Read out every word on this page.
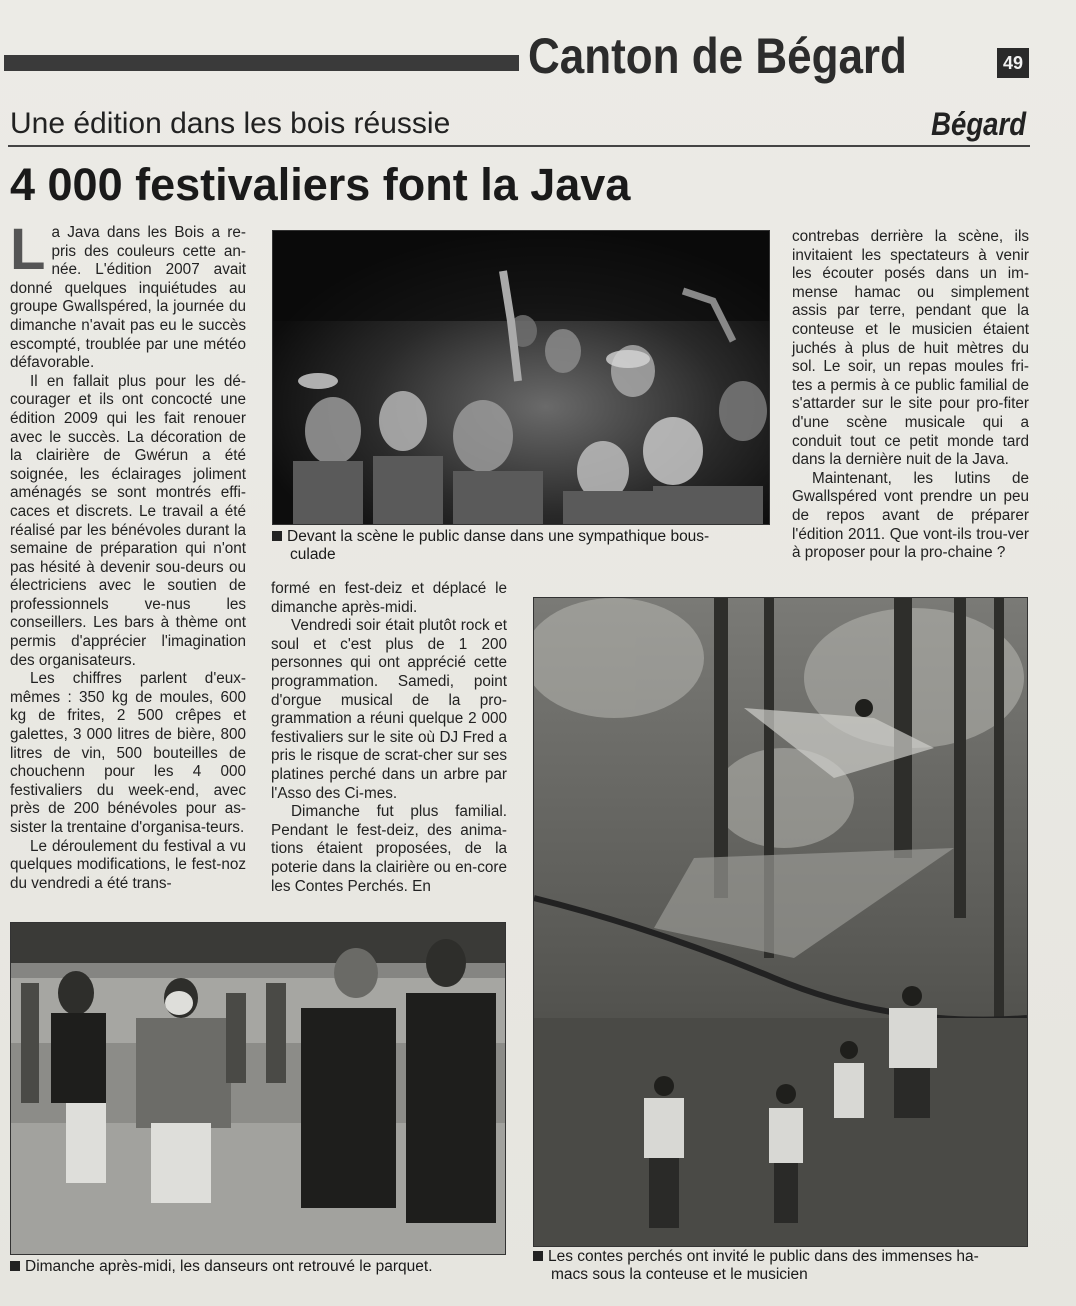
Canton de Bégard	49
Une édition dans les bois réussie	Bégard
4 000 festivaliers font la Java

La Java dans les Bois a re-pris des couleurs cette an-née. L'édition 2007 avait donné quelques inquiétudes au groupe Gwallspéred, la journée du dimanche n'avait pas eu le succès escompté, troublée par une météo défavorable.

Il en fallait plus pour les dé-courager et ils ont concocté une édition 2009 qui les fait renouer avec le succès. La décoration de la clairière de Gwérun a été soignée, les éclairages joliment aménagés se sont montrés effi-caces et discrets. Le travail a été réalisé par les bénévoles durant la semaine de préparation qui n'ont pas hésité à devenir sou-deurs ou électriciens avec le soutien de professionnels ve-nus les conseillers. Les bars à thème ont permis d'apprécier l'imagination des organisateurs.

Les chiffres parlent d'eux-mêmes : 350 kg de moules, 600 kg de frites, 2 500 crêpes et galettes, 3 000 litres de bière, 800 litres de vin, 500 bouteilles de chouchenn pour les 4 000 festivaliers du week-end, avec près de 200 bénévoles pour as-sister la trentaine d'organisa-teurs.

Le déroulement du festival a vu quelques modifications, le fest-noz du vendredi a été trans-

Devant la scène le public danse dans une sympathique bous-
culade

formé en fest-deiz et déplacé le dimanche après-midi.

Vendredi soir était plutôt rock et soul et c'est plus de 1 200 personnes qui ont apprécié cette programmation. Samedi, point d'orgue musical de la pro-grammation a réuni quelque 2 000 festivaliers sur le site où DJ Fred a pris le risque de scrat-cher sur ses platines perché dans un arbre par l'Asso des Ci-mes.

Dimanche fut plus familial. Pendant le fest-deiz, des anima-tions étaient proposées, de la poterie dans la clairière ou en-core les Contes Perchés. En

contrebas derrière la scène, ils invitaient les spectateurs à venir les écouter posés dans un im-mense hamac ou simplement assis par terre, pendant que la conteuse et le musicien étaient juchés à plus de huit mètres du sol. Le soir, un repas moules fri-tes a permis à ce public familial de s'attarder sur le site pour pro-fiter d'une scène musicale qui a conduit tout ce petit monde tard dans la dernière nuit de la Java.

Maintenant, les lutins de Gwallspéred vont prendre un peu de repos avant de préparer l'édition 2011. Que vont-ils trou-ver à proposer pour la pro-chaine ?

Les contes perchés ont invité le public dans des immenses ha-
macs sous la conteuse et le musicien
Dimanche après-midi, les danseurs ont retrouvé le parquet.
